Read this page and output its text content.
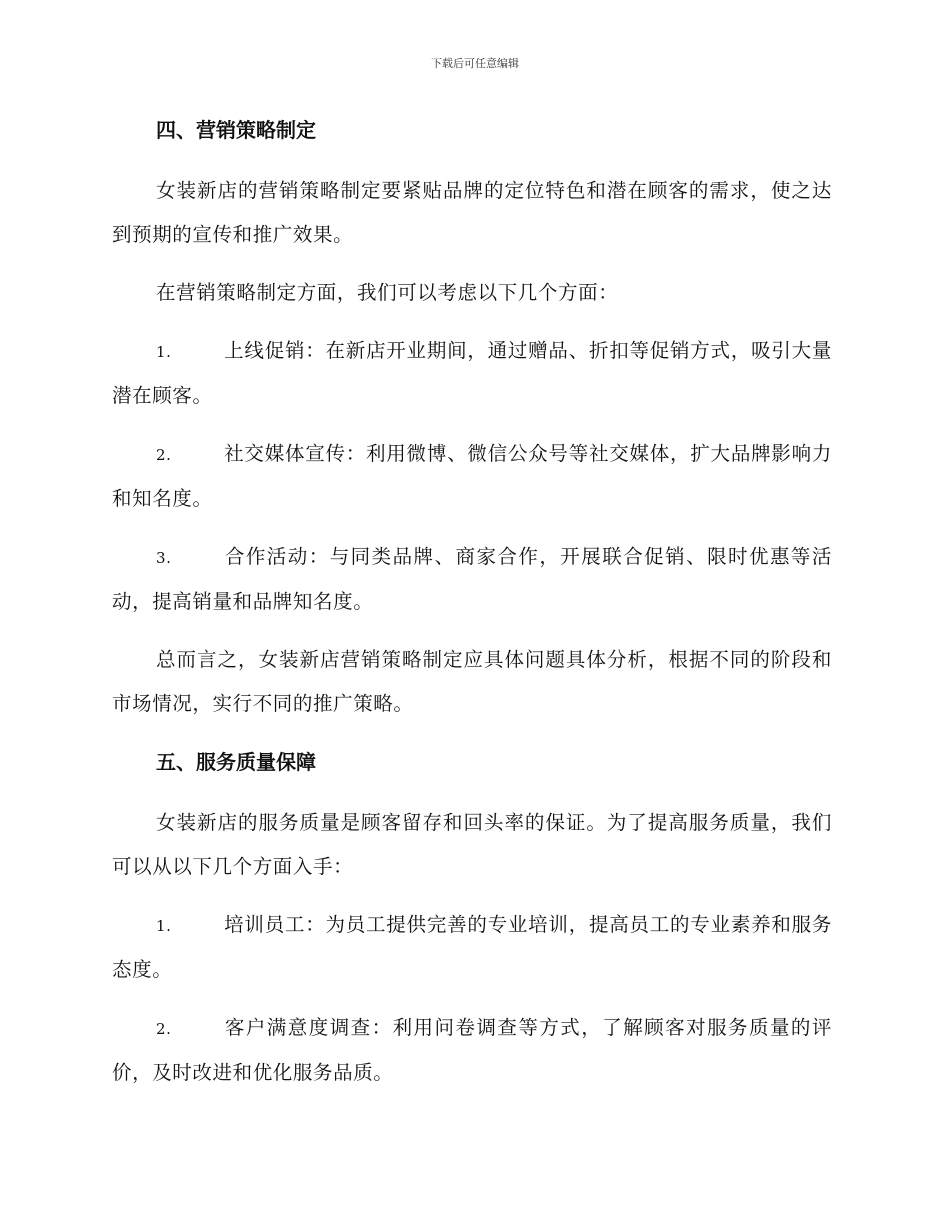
下载后可任意编辑
四、营销策略制定

女装新店的营销策略制定要紧贴品牌的定位特色和潜在顾客的需求，使之达到预期的宣传和推广效果。

在营销策略制定方面，我们可以考虑以下几个方面：

1.	上线促销：在新店开业期间，通过赠品、折扣等促销方式，吸引大量潜在顾客。
2.	社交媒体宣传：利用微博、微信公众号等社交媒体，扩大品牌影响力和知名度。
3.	合作活动：与同类品牌、商家合作，开展联合促销、限时优惠等活动，提高销量和品牌知名度。

总而言之，女装新店营销策略制定应具体问题具体分析，根据不同的阶段和市场情况，实行不同的推广策略。

五、服务质量保障

女装新店的服务质量是顾客留存和回头率的保证。为了提高服务质量，我们可以从以下几个方面入手：

1.	培训员工：为员工提供完善的专业培训，提高员工的专业素养和服务态度。
2.	客户满意度调查：利用问卷调查等方式，了解顾客对服务质量的评价，及时改进和优化服务品质。
